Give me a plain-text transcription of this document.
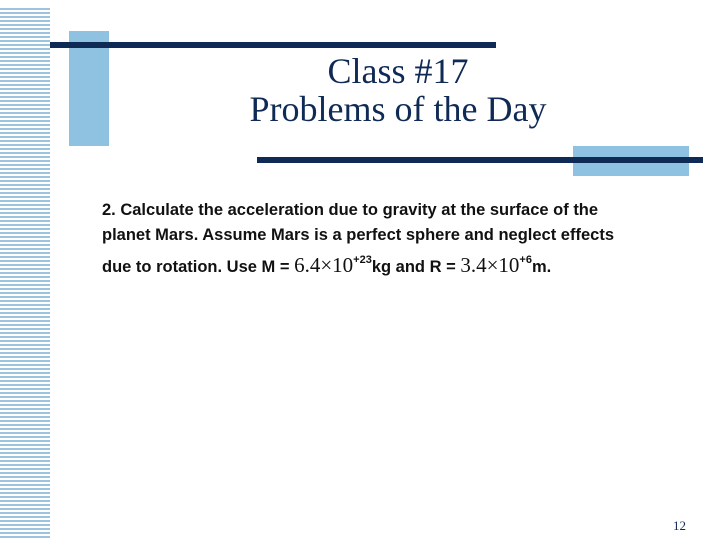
Class #17
Problems of the Day
2. Calculate the acceleration due to gravity at the surface of the
planet Mars. Assume Mars is a perfect sphere and neglect effects
due to rotation. Use $M = 6.4\times 10^{+23}kg$ and $R = 3.4\times 10^{+6}m$.
12
